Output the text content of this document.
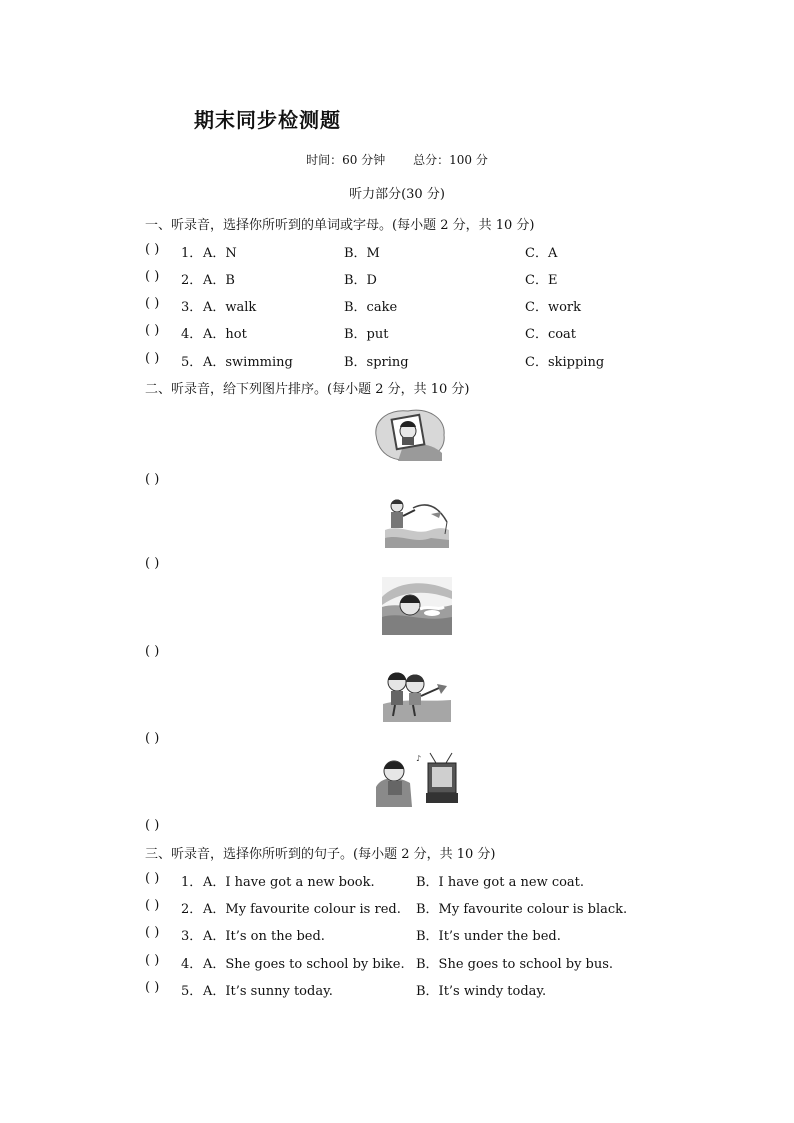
期末同步检测题
时间：60 分钟 总分：100 分
听力部分(30 分)
一、听录音，选择你所听到的单词或字母。(每小题 2 分，共 10 分)
( ) 1． A．N	B．M	C．A
( ) 2． A．B	B．D	C．E
( ) 3． A．walk	B．cake	C．work
( ) 4． A．hot	B．put	C．coat
( ) 5． A．swimming	B．spring	C．skipping
二、听录音，给下列图片排序。(每小题 2 分，共 10 分)
( )
( )
( )
( )
♪
( )
三、听录音，选择你所听到的句子。(每小题 2 分，共 10 分)
( ) 1． A．I have got a new book.	B．I have got a new coat.
( ) 2． A．My favourite colour is red. B．My favourite colour is black.
( ) 3． A．It’s on the bed.	B．It’s under the bed.
( ) 4． A．She goes to school by bike. B．She goes to school by bus.
( ) 5． A．It’s sunny today.	B．It’s windy today.
